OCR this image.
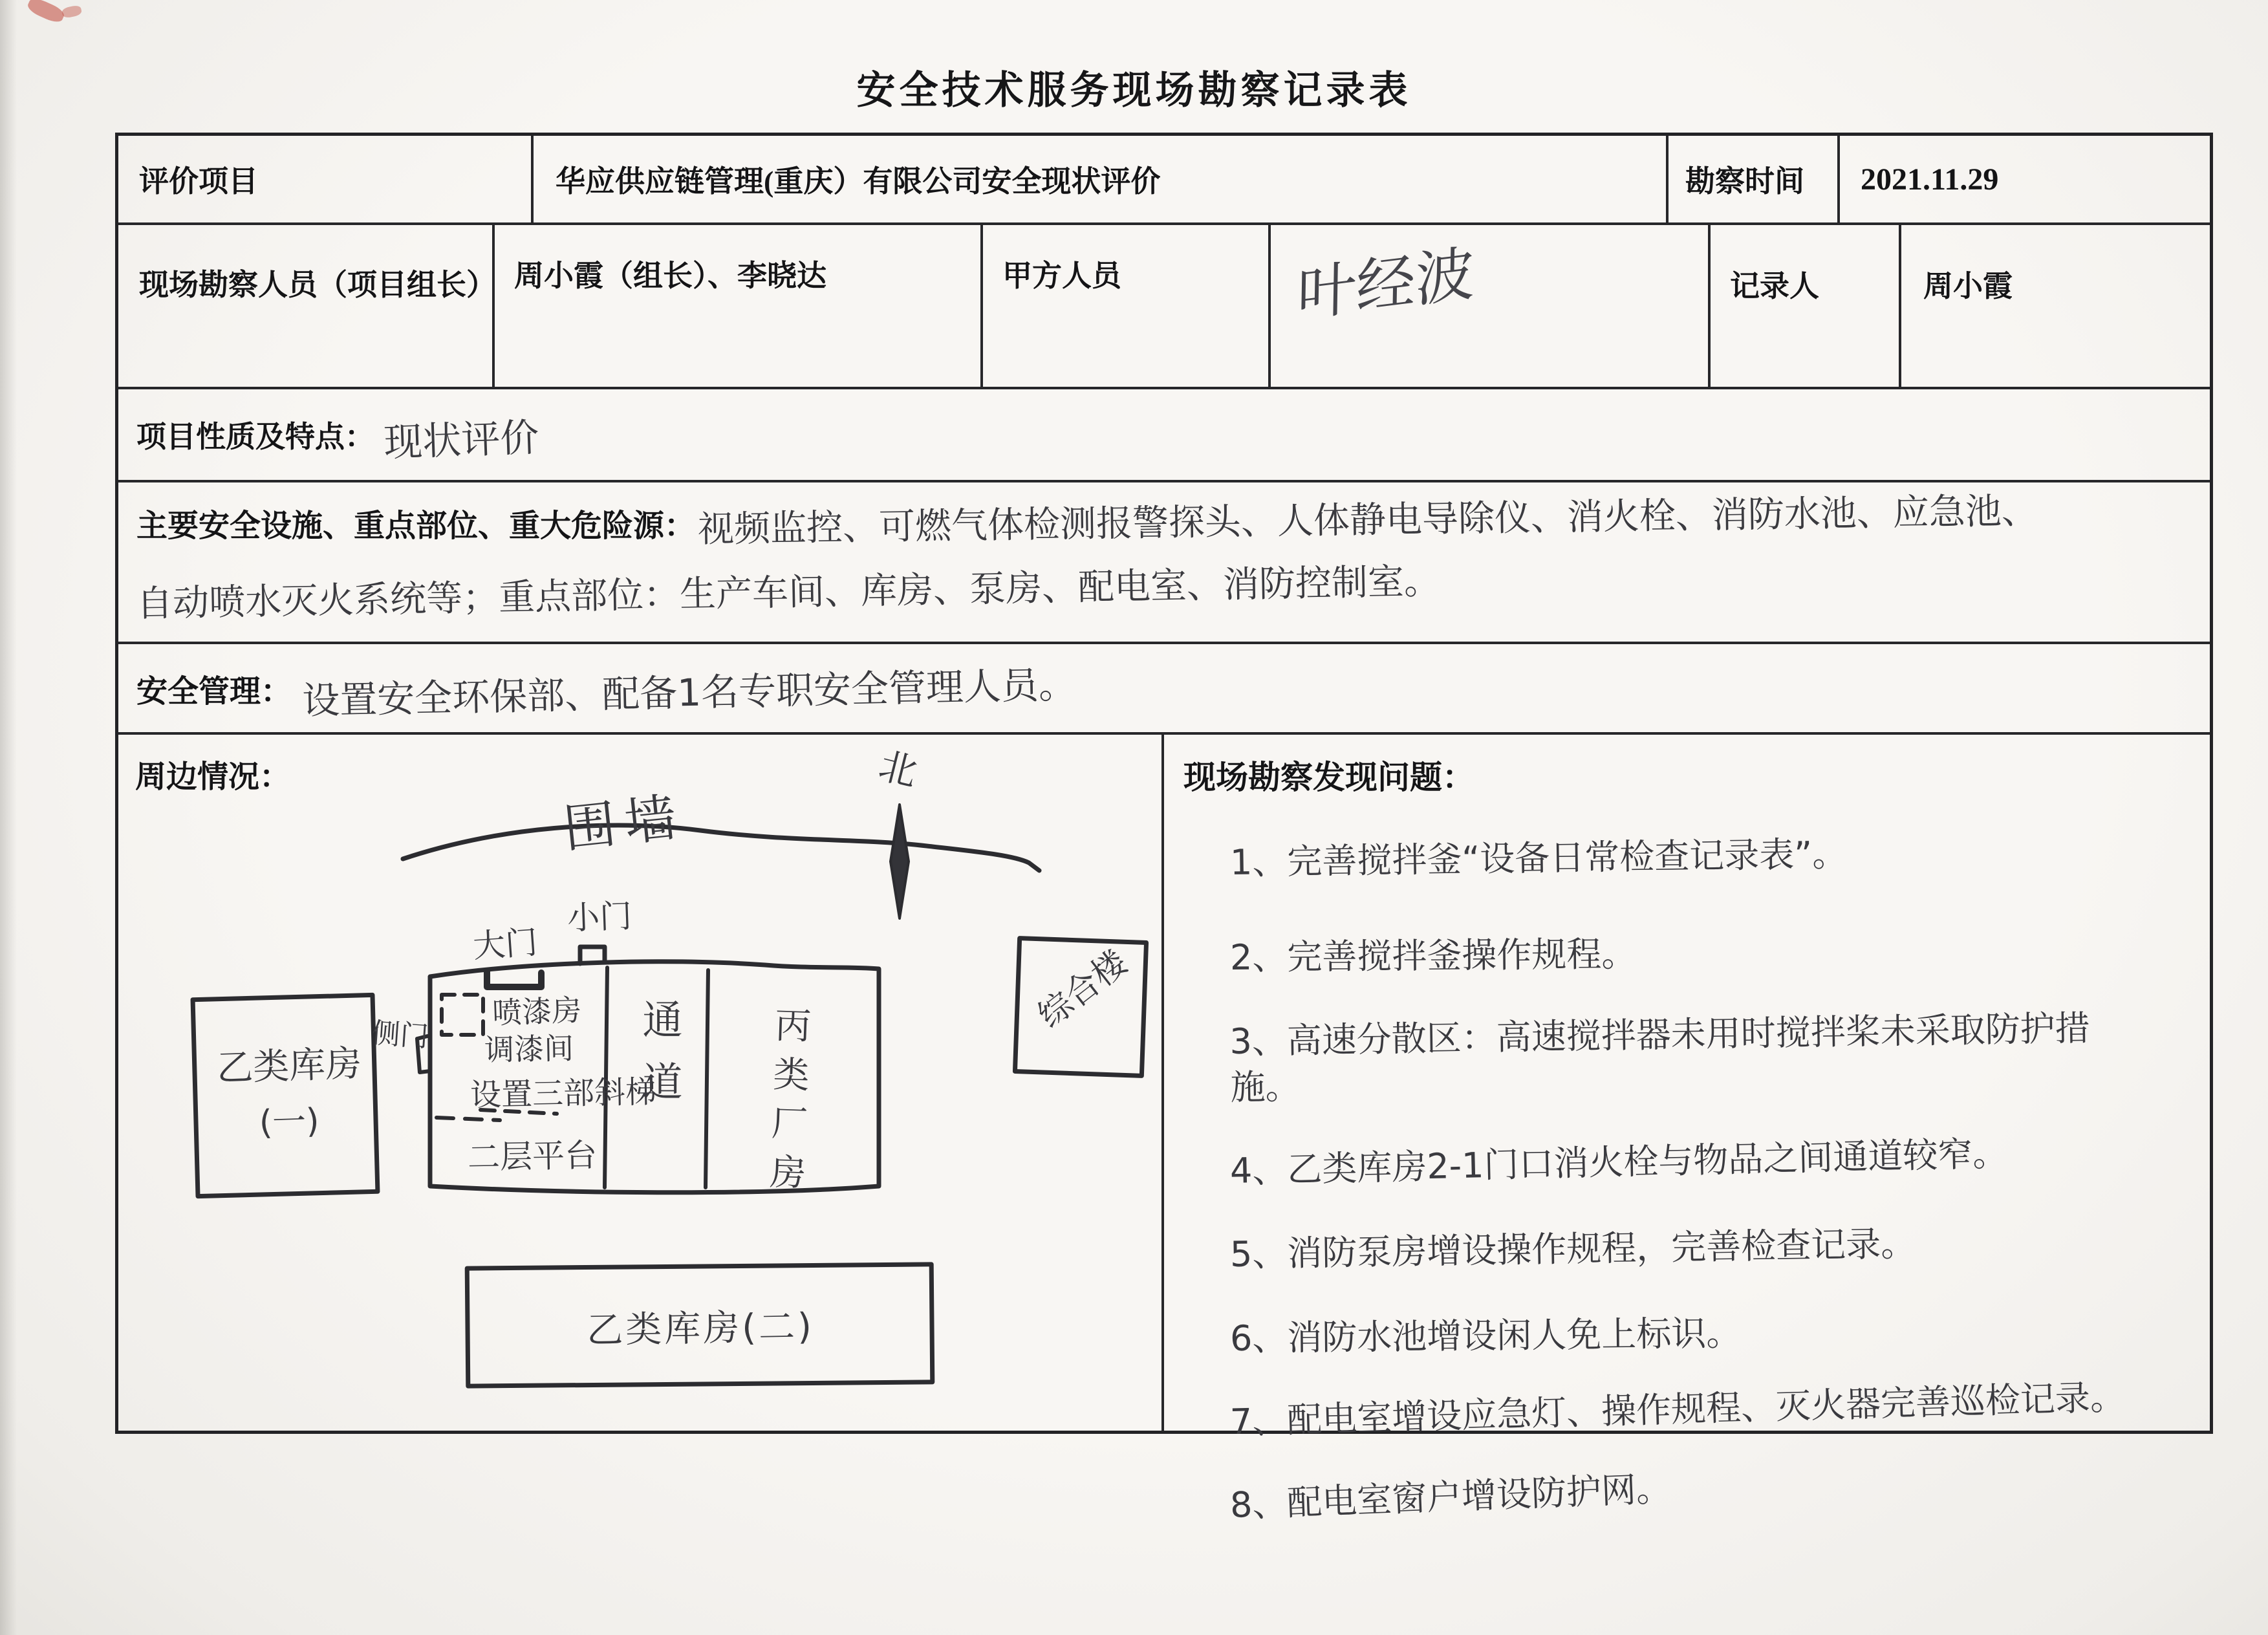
安全技术服务现场勘察记录表
评价项目	华应供应链管理(重庆）有限公司安全现状评价	勘察时间 2021.11.29
现场勘察人员（项目组长） 周小霞（组长）、李晓达	甲方人员	叶经波	记录人	周小霞
项目性质及特点： 现状评价
主要安全设施、重点部位、重大危险源： 视频监控、可燃气体检测报警探头、人体静电导除仪、消火栓、消防水池、应急池、
自动喷水灭火系统等；重点部位：生产车间、库房、泵房、配电室、消防控制室。
安全管理： 设置安全环保部、配备1名专职安全管理人员。
周边情况：
围墙
北
乙类库房
(一)
侧门
大门
小门
喷漆房
调漆间
设置三部斜梯
二层平台
通道 丙类厂房
综合楼
乙类库房(二)
现场勘察发现问题：
1、完善搅拌釜“设备日常检查记录表”。
2、完善搅拌釜操作规程。
3、高速分散区：高速搅拌器未用时搅拌桨未采取防护措施。
4、乙类库房2-1门口消火栓与物品之间通道较窄。
5、消防泵房增设操作规程，完善检查记录。
6、消防水池增设闲人免上标识。
7、配电室增设应急灯、操作规程、灭火器完善巡检记录。
8、配电室窗户增设防护网。
